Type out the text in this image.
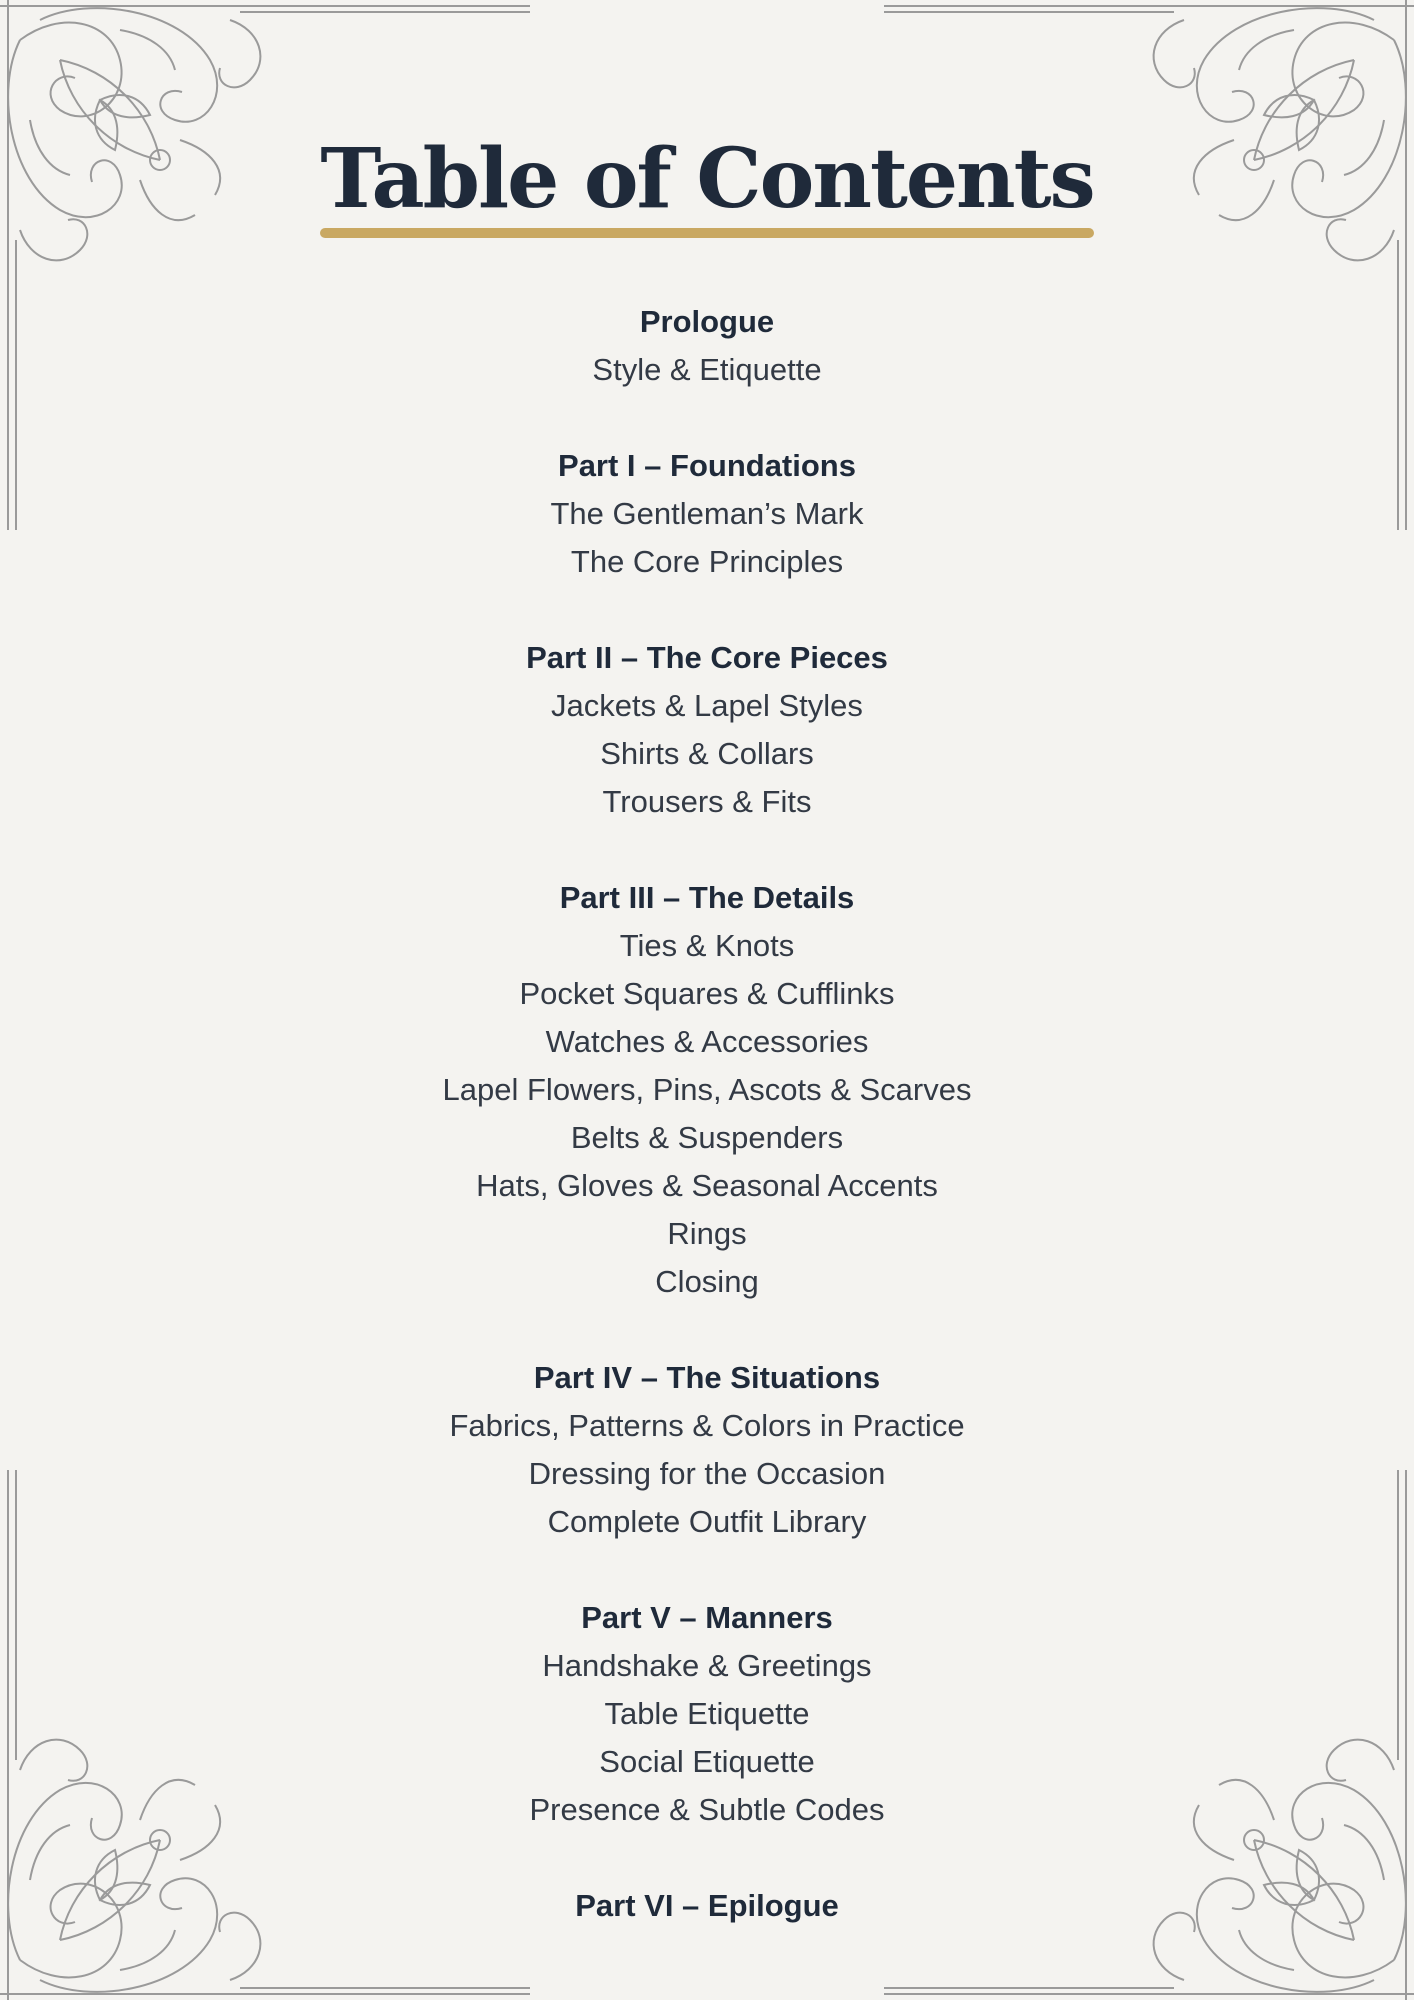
Table of Contents
Prologue
Style & Etiquette
Part I – Foundations
The Gentleman’s Mark
The Core Principles
Part II – The Core Pieces
Jackets & Lapel Styles
Shirts & Collars
Trousers & Fits
Part III – The Details
Ties & Knots
Pocket Squares & Cufflinks
Watches & Accessories
Lapel Flowers, Pins, Ascots & Scarves
Belts & Suspenders
Hats, Gloves & Seasonal Accents
Rings
Closing
Part IV – The Situations
Fabrics, Patterns & Colors in Practice
Dressing for the Occasion
Complete Outfit Library
Part V – Manners
Handshake & Greetings
Table Etiquette
Social Etiquette
Presence & Subtle Codes
Part VI – Epilogue
